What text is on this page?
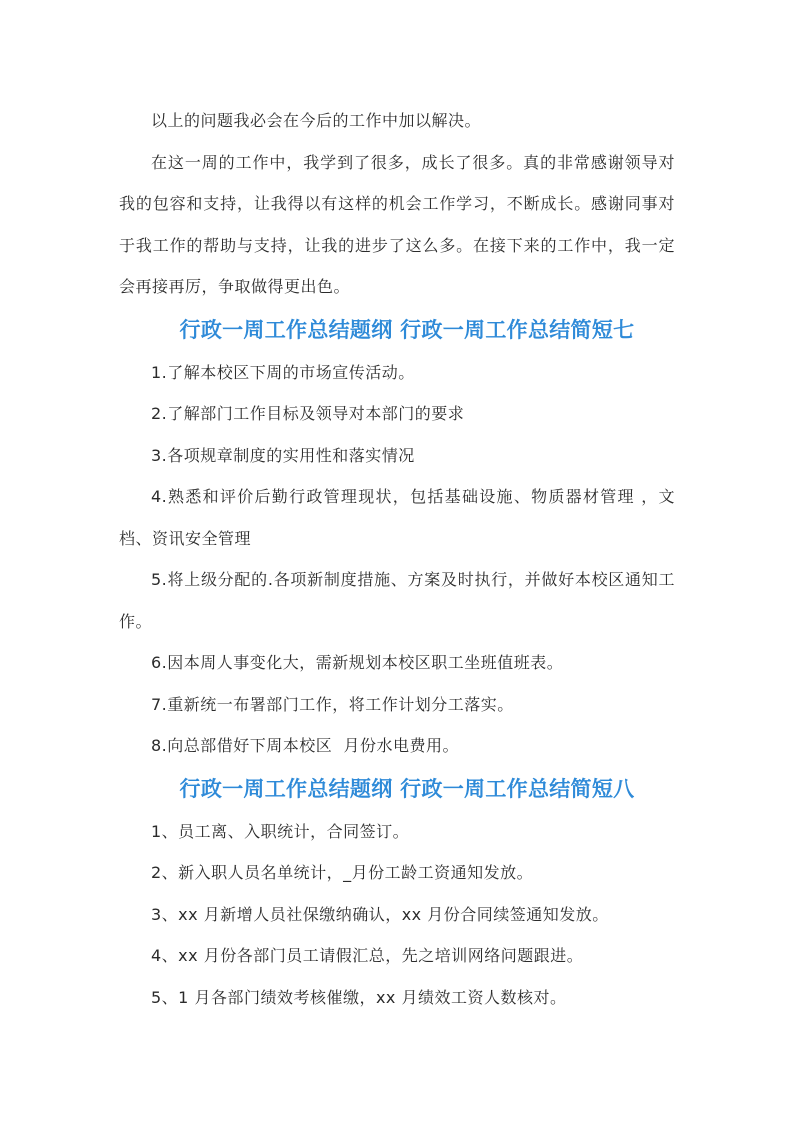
以上的问题我必会在今后的工作中加以解决。

在这一周的工作中，我学到了很多，成长了很多。真的非常感谢领导对我的包容和支持，让我得以有这样的机会工作学习，不断成长。感谢同事对于我工作的帮助与支持，让我的进步了这么多。在接下来的工作中，我一定会再接再厉，争取做得更出色。

行政一周工作总结题纲 行政一周工作总结简短七

1.了解本校区下周的市场宣传活动。

2.了解部门工作目标及领导对本部门的要求

3.各项规章制度的实用性和落实情况

4.熟悉和评价后勤行政管理现状，包括基础设施、物质器材管理 ，文档、资讯安全管理

5.将上级分配的.各项新制度措施、方案及时执行，并做好本校区通知工作。

6.因本周人事变化大，需新规划本校区职工坐班值班表。

7.重新统一布署部门工作，将工作计划分工落实。

8.向总部借好下周本校区  月份水电费用。

行政一周工作总结题纲 行政一周工作总结简短八

1、员工离、入职统计，合同签订。

2、新入职人员名单统计，_月份工龄工资通知发放。

3、xx 月新增人员社保缴纳确认，xx 月份合同续签通知发放。

4、xx 月份各部门员工请假汇总，先之培训网络问题跟进。

5、1 月各部门绩效考核催缴，xx 月绩效工资人数核对。
